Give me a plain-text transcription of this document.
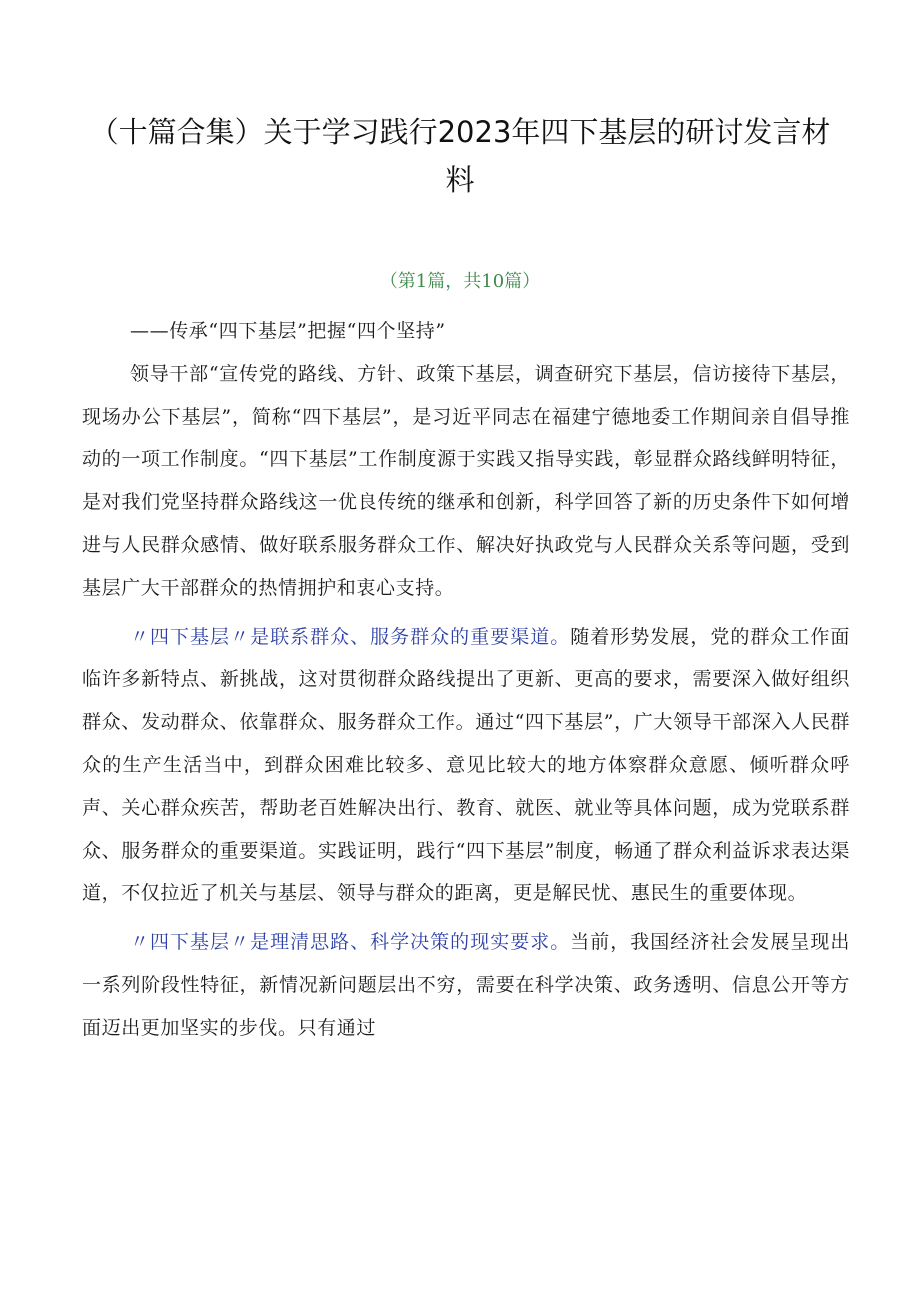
（十篇合集）关于学习践行2023年四下基层的研讨发言材料
（第1篇，共10篇）

——传承“四下基层”把握“四个坚持”

领导干部“宣传党的路线、方针、政策下基层，调查研究下基层，信访接待下基层，现场办公下基层”，简称“四下基层”，是习近平同志在福建宁德地委工作期间亲自倡导推动的一项工作制度。“四下基层”工作制度源于实践又指导实践，彰显群众路线鲜明特征，是对我们党坚持群众路线这一优良传统的继承和创新，科学回答了新的历史条件下如何增进与人民群众感情、做好联系服务群众工作、解决好执政党与人民群众关系等问题，受到基层广大干部群众的热情拥护和衷心支持。

〃四下基层〃是联系群众、服务群众的重要渠道。随着形势发展，党的群众工作面临许多新特点、新挑战，这对贯彻群众路线提出了更新、更高的要求，需要深入做好组织群众、发动群众、依靠群众、服务群众工作。通过“四下基层”，广大领导干部深入人民群众的生产生活当中，到群众困难比较多、意见比较大的地方体察群众意愿、倾听群众呼声、关心群众疾苦，帮助老百姓解决出行、教育、就医、就业等具体问题，成为党联系群众、服务群众的重要渠道。实践证明，践行“四下基层”制度，畅通了群众利益诉求表达渠道，不仅拉近了机关与基层、领导与群众的距离，更是解民忧、惠民生的重要体现。

〃四下基层〃是理清思路、科学决策的现实要求。当前，我国经济社会发展呈现出一系列阶段性特征，新情况新问题层出不穷，需要在科学决策、政务透明、信息公开等方面迈出更加坚实的步伐。只有通过
